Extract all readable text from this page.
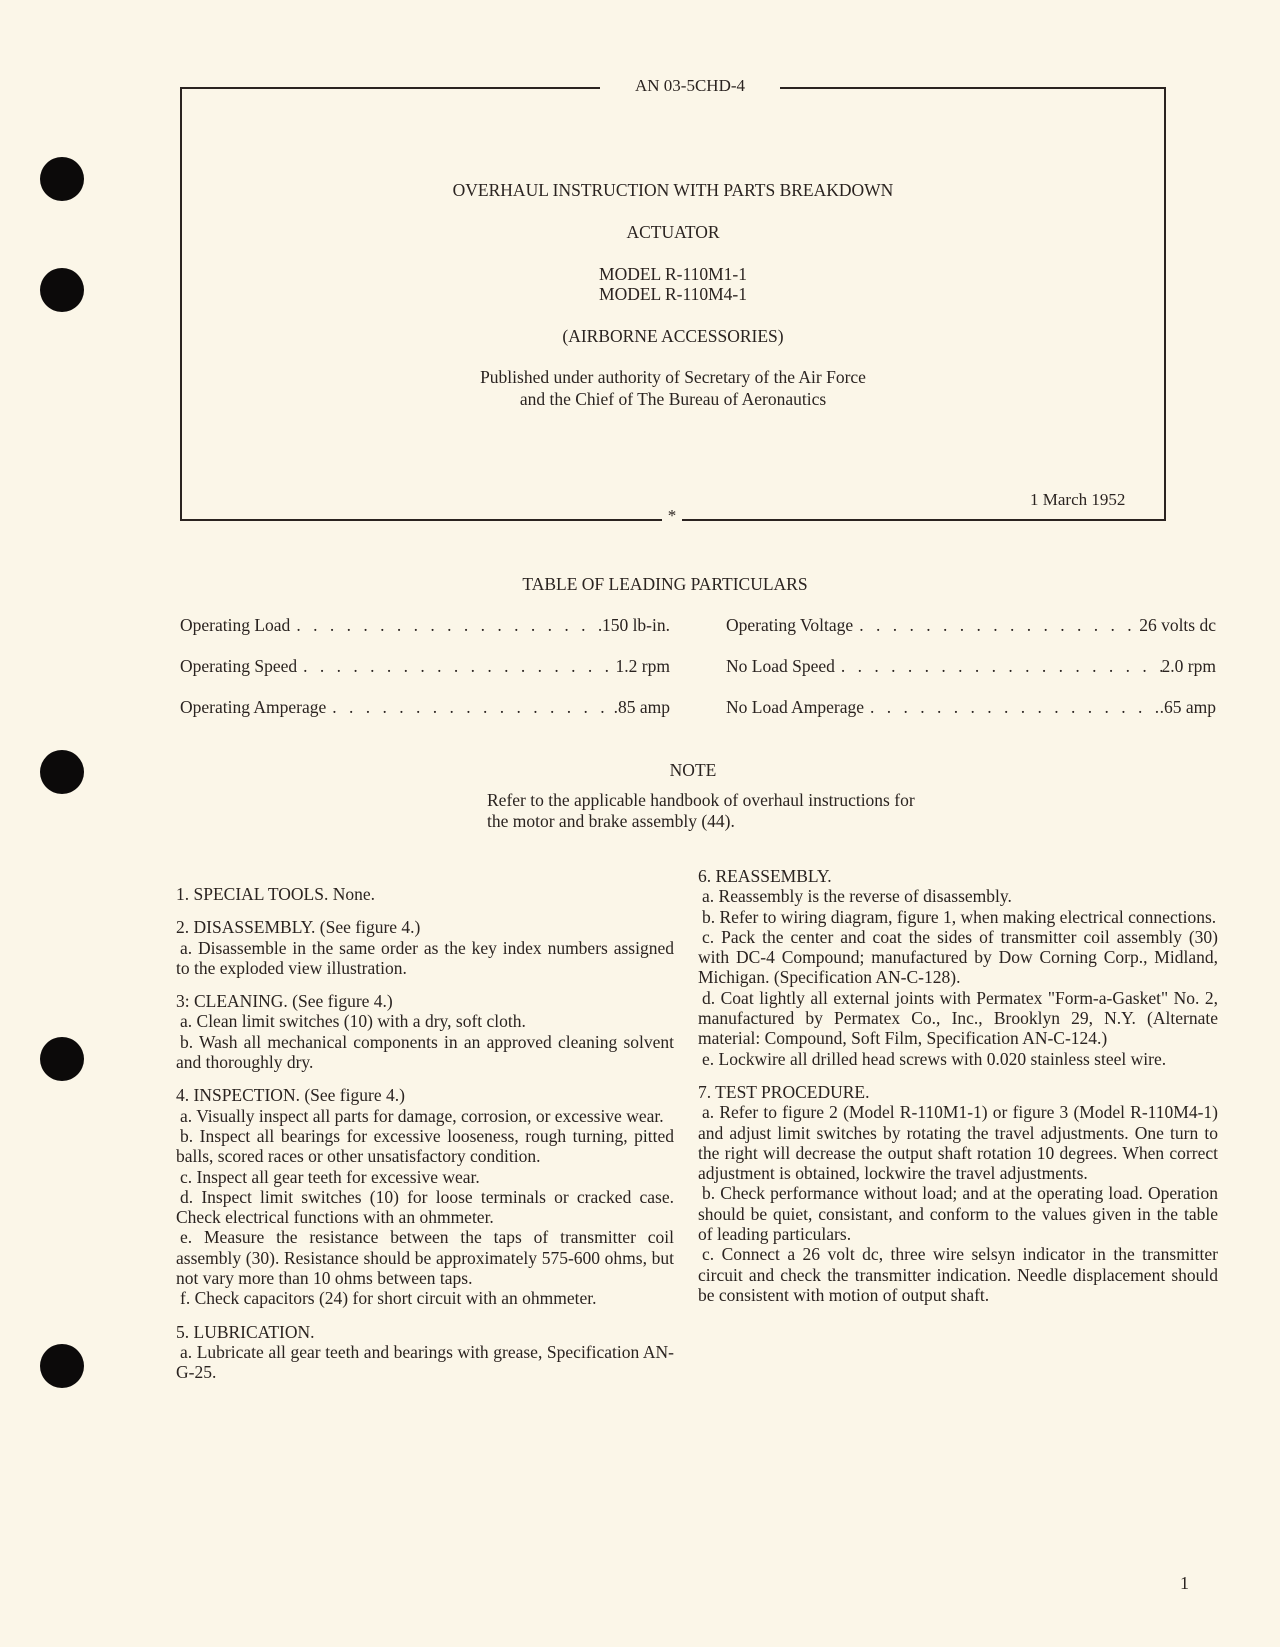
AN 03-5CHD-4
*
OVERHAUL INSTRUCTION WITH PARTS BREAKDOWN
ACTUATOR
MODEL R-110M1-1
MODEL R-110M4-1
(AIRBORNE ACCESSORIES)
Published under authority of Secretary of the Air Force
and the Chief of The Bureau of Aeronautics
1 March 1952
TABLE OF LEADING PARTICULARS
Operating Load . . .	150 lb-in.
Operating Speed . . .	1.2 rpm
Operating Amperage . . .	.85 amp
Operating Voltage . . .	26 volts dc
No Load Speed . . .	2.0 rpm
No Load Amperage . . .	.65 amp
NOTE
Refer to the applicable handbook of overhaul instructions for the motor and brake assembly (44).

1. SPECIAL TOOLS. None.

2. DISASSEMBLY. (See figure 4.)

a. Disassemble in the same order as the key index numbers assigned to the exploded view illustration.

3: CLEANING. (See figure 4.)

a. Clean limit switches (10) with a dry, soft cloth.

b. Wash all mechanical components in an approved cleaning solvent and thoroughly dry.

4. INSPECTION. (See figure 4.)

a. Visually inspect all parts for damage, corrosion, or excessive wear.

b. Inspect all bearings for excessive looseness, rough turning, pitted balls, scored races or other unsatisfactory condition.

c. Inspect all gear teeth for excessive wear.

d. Inspect limit switches (10) for loose terminals or cracked case. Check electrical functions with an ohmmeter.

e. Measure the resistance between the taps of transmitter coil assembly (30). Resistance should be approximately 575-600 ohms, but not vary more than 10 ohms between taps.

f. Check capacitors (24) for short circuit with an ohmmeter.

5. LUBRICATION.

a. Lubricate all gear teeth and bearings with grease, Specification AN-G-25.

6. REASSEMBLY.

a. Reassembly is the reverse of disassembly.

b. Refer to wiring diagram, figure 1, when making electrical connections.

c. Pack the center and coat the sides of transmitter coil assembly (30) with DC-4 Compound; manufactured by Dow Corning Corp., Midland, Michigan. (Specification AN-C-128).

d. Coat lightly all external joints with Permatex "Form-a-Gasket" No. 2, manufactured by Permatex Co., Inc., Brooklyn 29, N.Y. (Alternate material: Compound, Soft Film, Specification AN-C-124.)

e. Lockwire all drilled head screws with 0.020 stainless steel wire.

7. TEST PROCEDURE.

a. Refer to figure 2 (Model R-110M1-1) or figure 3 (Model R-110M4-1) and adjust limit switches by rotating the travel adjustments. One turn to the right will decrease the output shaft rotation 10 degrees. When correct adjustment is obtained, lockwire the travel adjustments.

b. Check performance without load; and at the operating load. Operation should be quiet, consistant, and conform to the values given in the table of leading particulars.

c. Connect a 26 volt dc, three wire selsyn indicator in the transmitter circuit and check the transmitter indication. Needle displacement should be consistent with motion of output shaft.

1
